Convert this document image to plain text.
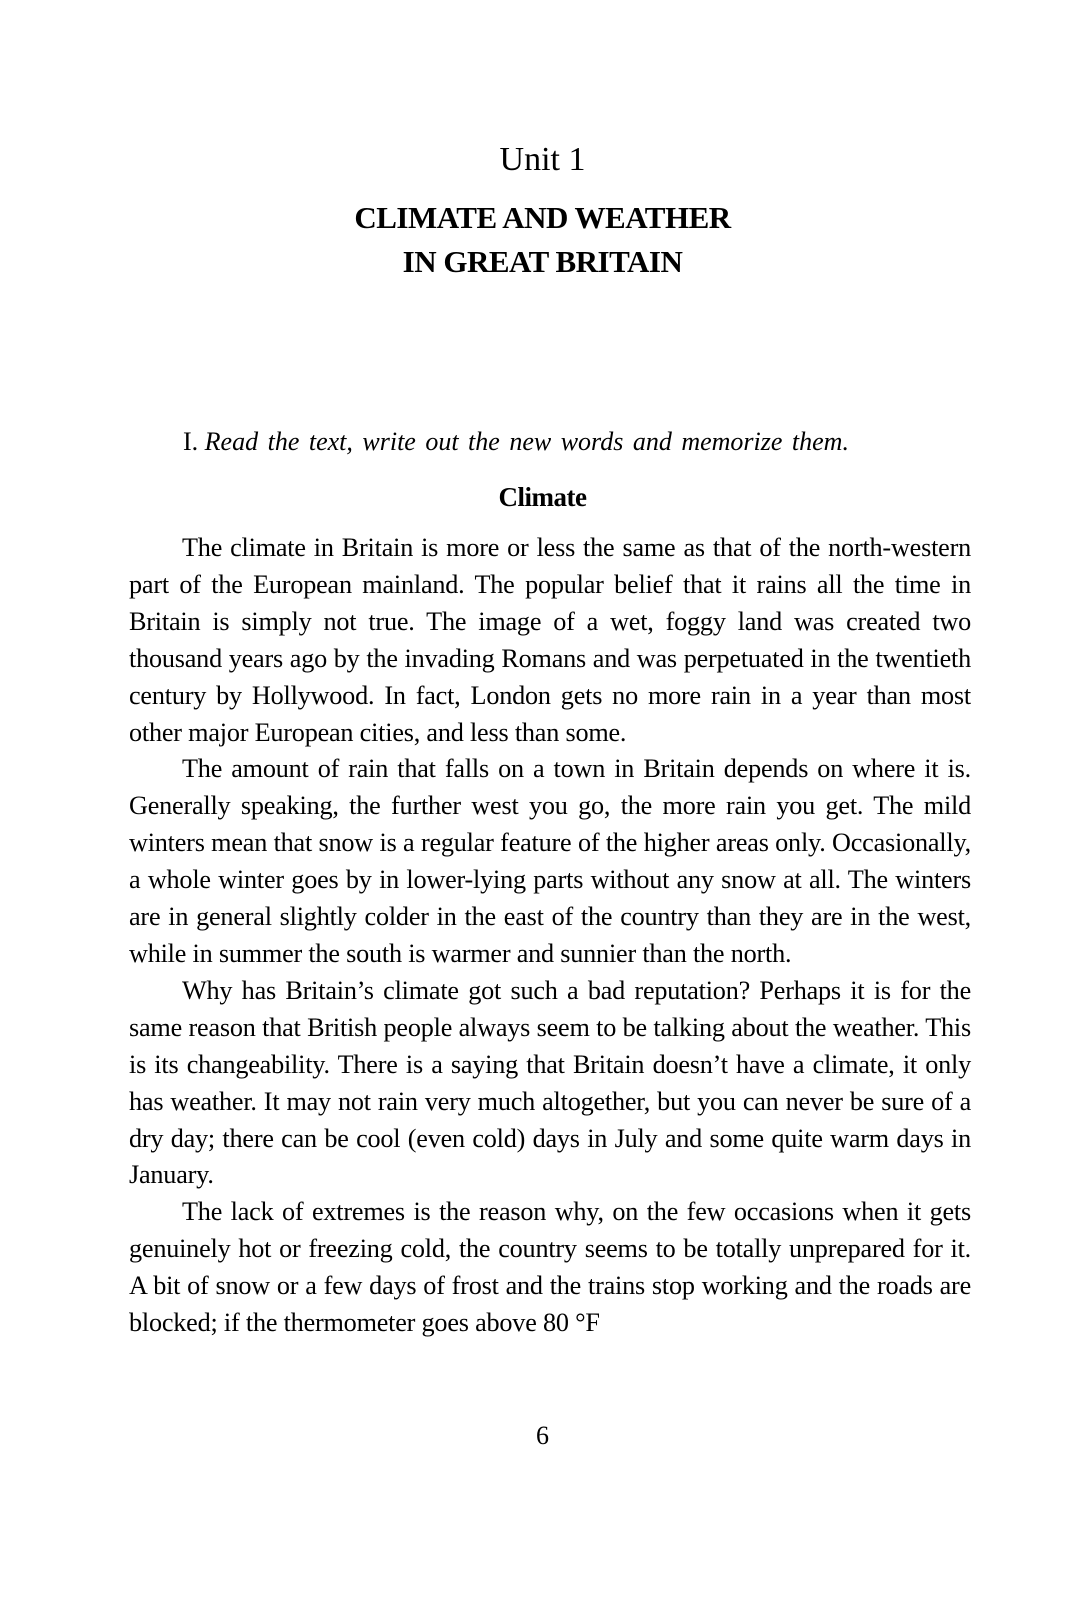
Unit 1
CLIMATE AND WEATHER
IN GREAT BRITAIN
I. Read the text, write out the new words and memorize them.
Climate

The climate in Britain is more or less the same as that of the north-western part of the European mainland. The popular belief that it rains all the time in Britain is simply not true. The image of a wet, foggy land was created two thousand years ago by the invading Romans and was perpetuated in the twentieth century by Hollywood. In fact, London gets no more rain in a year than most other major European cities, and less than some.

The amount of rain that falls on a town in Britain depends on where it is. Generally speaking, the further west you go, the more rain you get. The mild winters mean that snow is a regular feature of the higher areas only. Occasionally, a whole winter goes by in lower-lying parts without any snow at all. The winters are in general slightly colder in the east of the country than they are in the west, while in summer the south is warmer and sunnier than the north.

Why has Britain’s climate got such a bad reputation? Perhaps it is for the same reason that British people always seem to be talking about the weather. This is its changeability. There is a saying that Britain doesn’t have a climate, it only has weather. It may not rain very much altogether, but you can never be sure of a dry day; there can be cool (even cold) days in July and some quite warm days in January.

The lack of extremes is the reason why, on the few occasions when it gets genuinely hot or freezing cold, the country seems to be totally unprepared for it. A bit of snow or a few days of frost and the trains stop working and the roads are blocked; if the thermometer goes above 80 °F

6
